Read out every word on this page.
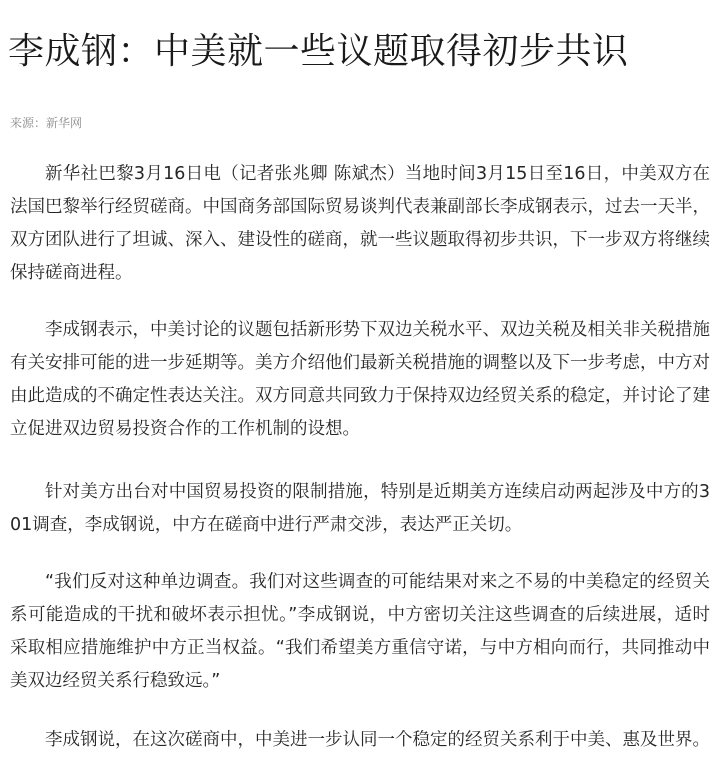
李成钢：中美就一些议题取得初步共识
来源：新华网

新华社巴黎3月16日电（记者张兆卿 陈斌杰）当地时间3月15日至16日，中美双方在法国巴黎举行经贸磋商。中国商务部国际贸易谈判代表兼副部长李成钢表示，过去一天半，双方团队进行了坦诚、深入、建设性的磋商，就一些议题取得初步共识，下一步双方将继续保持磋商进程。

李成钢表示，中美讨论的议题包括新形势下双边关税水平、双边关税及相关非关税措施有关安排可能的进一步延期等。美方介绍他们最新关税措施的调整以及下一步考虑，中方对由此造成的不确定性表达关注。双方同意共同致力于保持双边经贸关系的稳定，并讨论了建立促进双边贸易投资合作的工作机制的设想。

针对美方出台对中国贸易投资的限制措施，特别是近期美方连续启动两起涉及中方的301调查，李成钢说，中方在磋商中进行严肃交涉，表达严正关切。

“我们反对这种单边调查。我们对这些调查的可能结果对来之不易的中美稳定的经贸关系可能造成的干扰和破坏表示担忧。”李成钢说，中方密切关注这些调查的后续进展，适时采取相应措施维护中方正当权益。“我们希望美方重信守诺，与中方相向而行，共同推动中美双边经贸关系行稳致远。”

李成钢说，在这次磋商中，中美进一步认同一个稳定的经贸关系利于中美、惠及世界。
